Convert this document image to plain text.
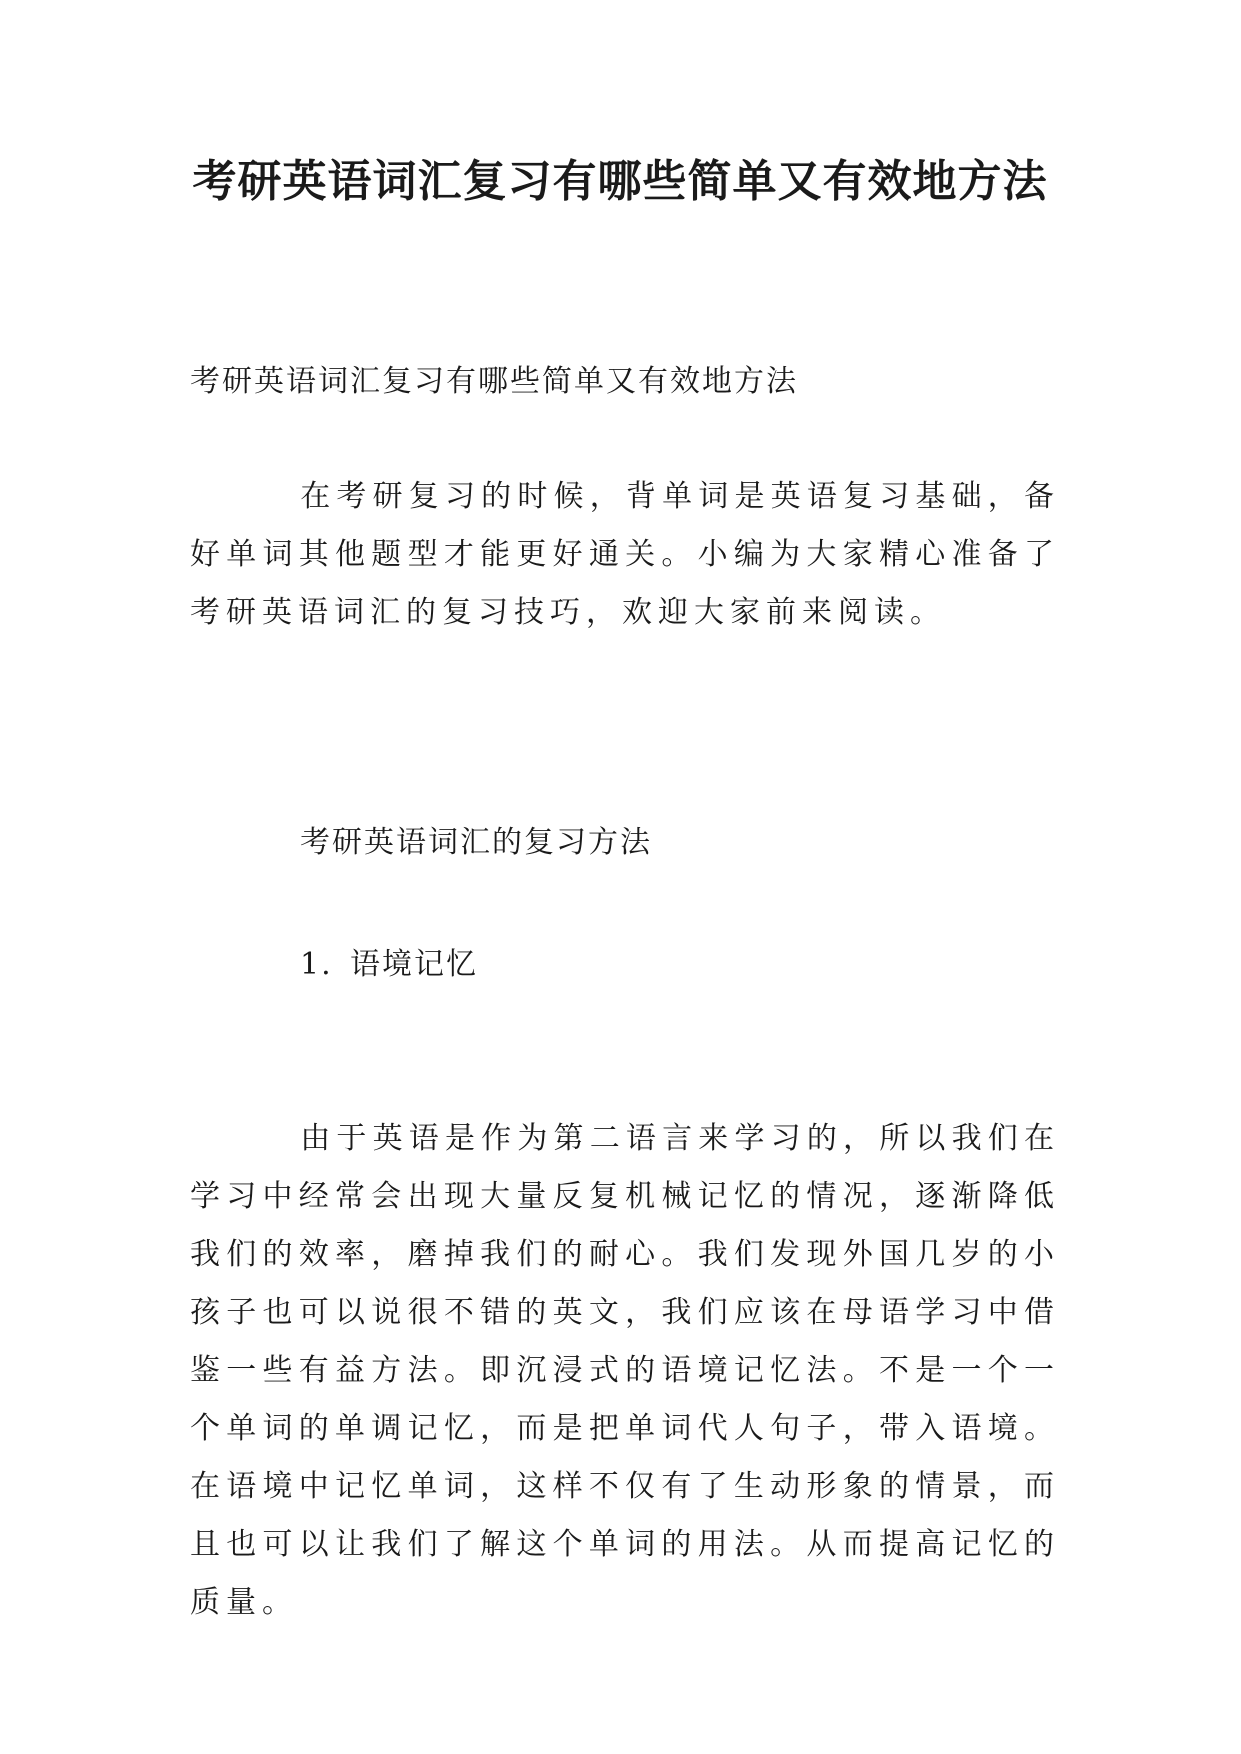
考研英语词汇复习有哪些简单又有效地方法

考研英语词汇复习有哪些简单又有效地方法

在考研复习的时候，背单词是英语复习基础，备好单词其他题型才能更好通关。小编为大家精心准备了考研英语词汇的复习技巧，欢迎大家前来阅读。

考研英语词汇的复习方法

1. 语境记忆

由于英语是作为第二语言来学习的，所以我们在学习中经常会出现大量反复机械记忆的情况，逐渐降低我们的效率，磨掉我们的耐心。我们发现外国几岁的小孩子也可以说很不错的英文，我们应该在母语学习中借鉴一些有益方法。即沉浸式的语境记忆法。不是一个一个单词的单调记忆，而是把单词代人句子，带入语境。在语境中记忆单词，这样不仅有了生动形象的情景，而且也可以让我们了解这个单词的用法。从而提高记忆的质量。
